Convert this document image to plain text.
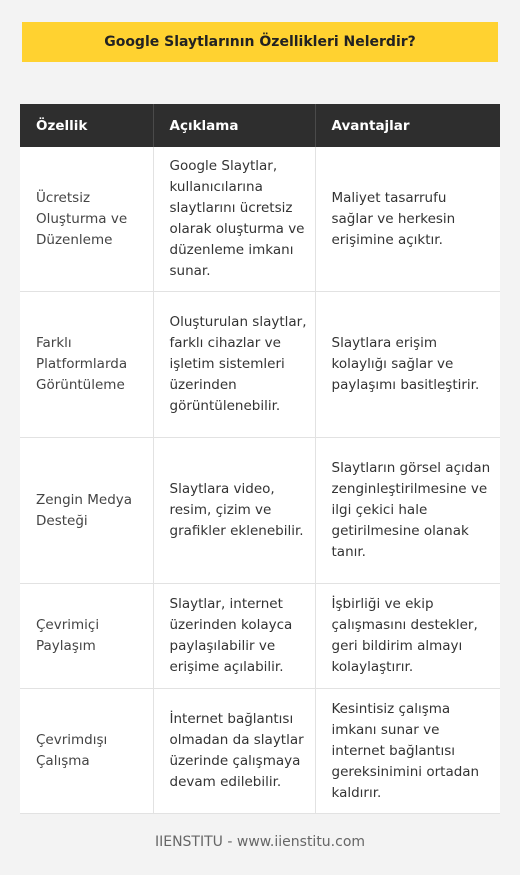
Google Slaytlarının Özellikleri Nelerdir?
Özellik	Açıklama	Avantajlar
Ücretsiz Oluşturma ve Düzenleme	Google Slaytlar, kullanıcılarına slaytlarını ücretsiz olarak oluşturma ve düzenleme imkanı sunar.	Maliyet tasarrufu sağlar ve herkesin erişimine açıktır.
Farklı Platformlarda Görüntüleme	Oluşturulan slaytlar, farklı cihazlar ve işletim sistemleri üzerinden görüntülenebilir.	Slaytlara erişim kolaylığı sağlar ve paylaşımı basitleştirir.
Zengin Medya Desteği	Slaytlara video, resim, çizim ve grafikler eklenebilir.	Slaytların görsel açıdan zenginleştirilmesine ve ilgi çekici hale getirilmesine olanak tanır.
Çevrimiçi Paylaşım	Slaytlar, internet üzerinden kolayca paylaşılabilir ve erişime açılabilir.	İşbirliği ve ekip çalışmasını destekler, geri bildirim almayı kolaylaştırır.
Çevrimdışı Çalışma	İnternet bağlantısı olmadan da slaytlar üzerinde çalışmaya devam edilebilir.	Kesintisiz çalışma imkanı sunar ve internet bağlantısı gereksinimini ortadan kaldırır.
IIENSTITU - www.iienstitu.com
